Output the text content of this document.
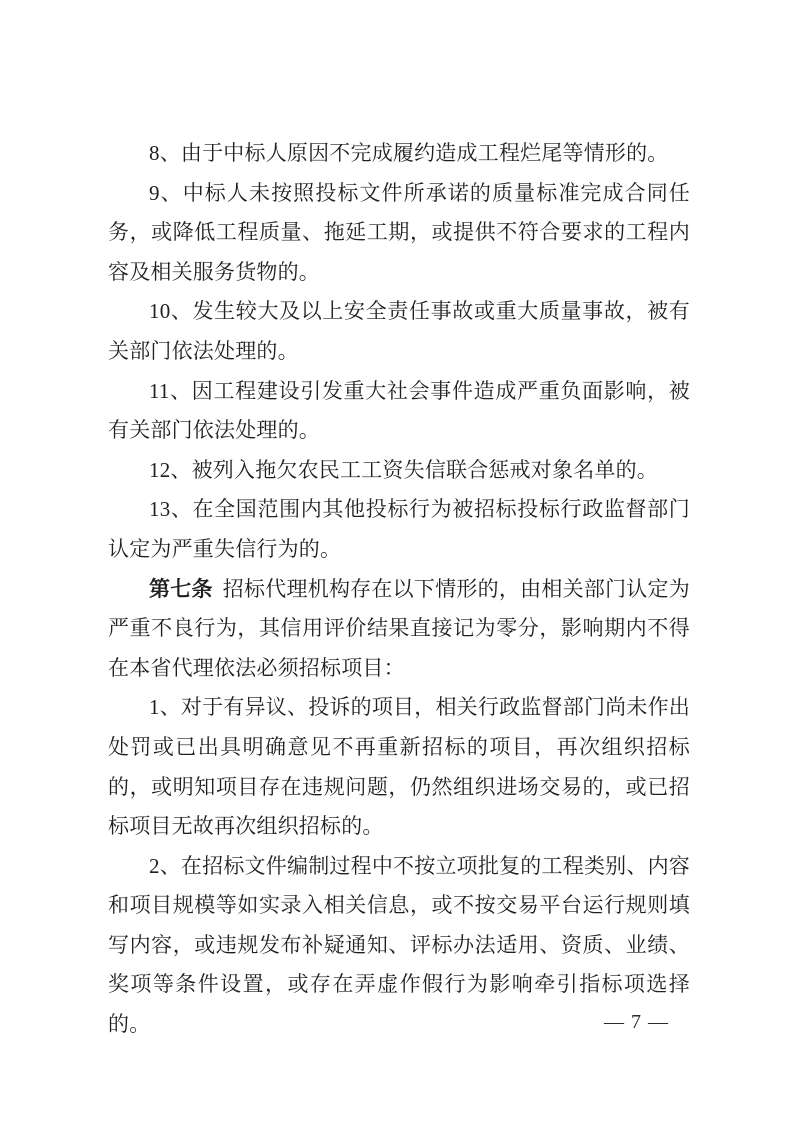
8、由于中标人原因不完成履约造成工程烂尾等情形的。

9、中标人未按照投标文件所承诺的质量标准完成合同任务，或降低工程质量、拖延工期，或提供不符合要求的工程内容及相关服务货物的。

10、发生较大及以上安全责任事故或重大质量事故，被有关部门依法处理的。

11、因工程建设引发重大社会事件造成严重负面影响，被有关部门依法处理的。

12、被列入拖欠农民工工资失信联合惩戒对象名单的。

13、在全国范围内其他投标行为被招标投标行政监督部门认定为严重失信行为的。

第七条 招标代理机构存在以下情形的，由相关部门认定为严重不良行为，其信用评价结果直接记为零分，影响期内不得在本省代理依法必须招标项目：

1、对于有异议、投诉的项目，相关行政监督部门尚未作出处罚或已出具明确意见不再重新招标的项目，再次组织招标的，或明知项目存在违规问题，仍然组织进场交易的，或已招标项目无故再次组织招标的。

2、在招标文件编制过程中不按立项批复的工程类别、内容和项目规模等如实录入相关信息，或不按交易平台运行规则填写内容，或违规发布补疑通知、评标办法适用、资质、业绩、奖项等条件设置，或存在弄虚作假行为影响牵引指标项选择的。	— 7 —
